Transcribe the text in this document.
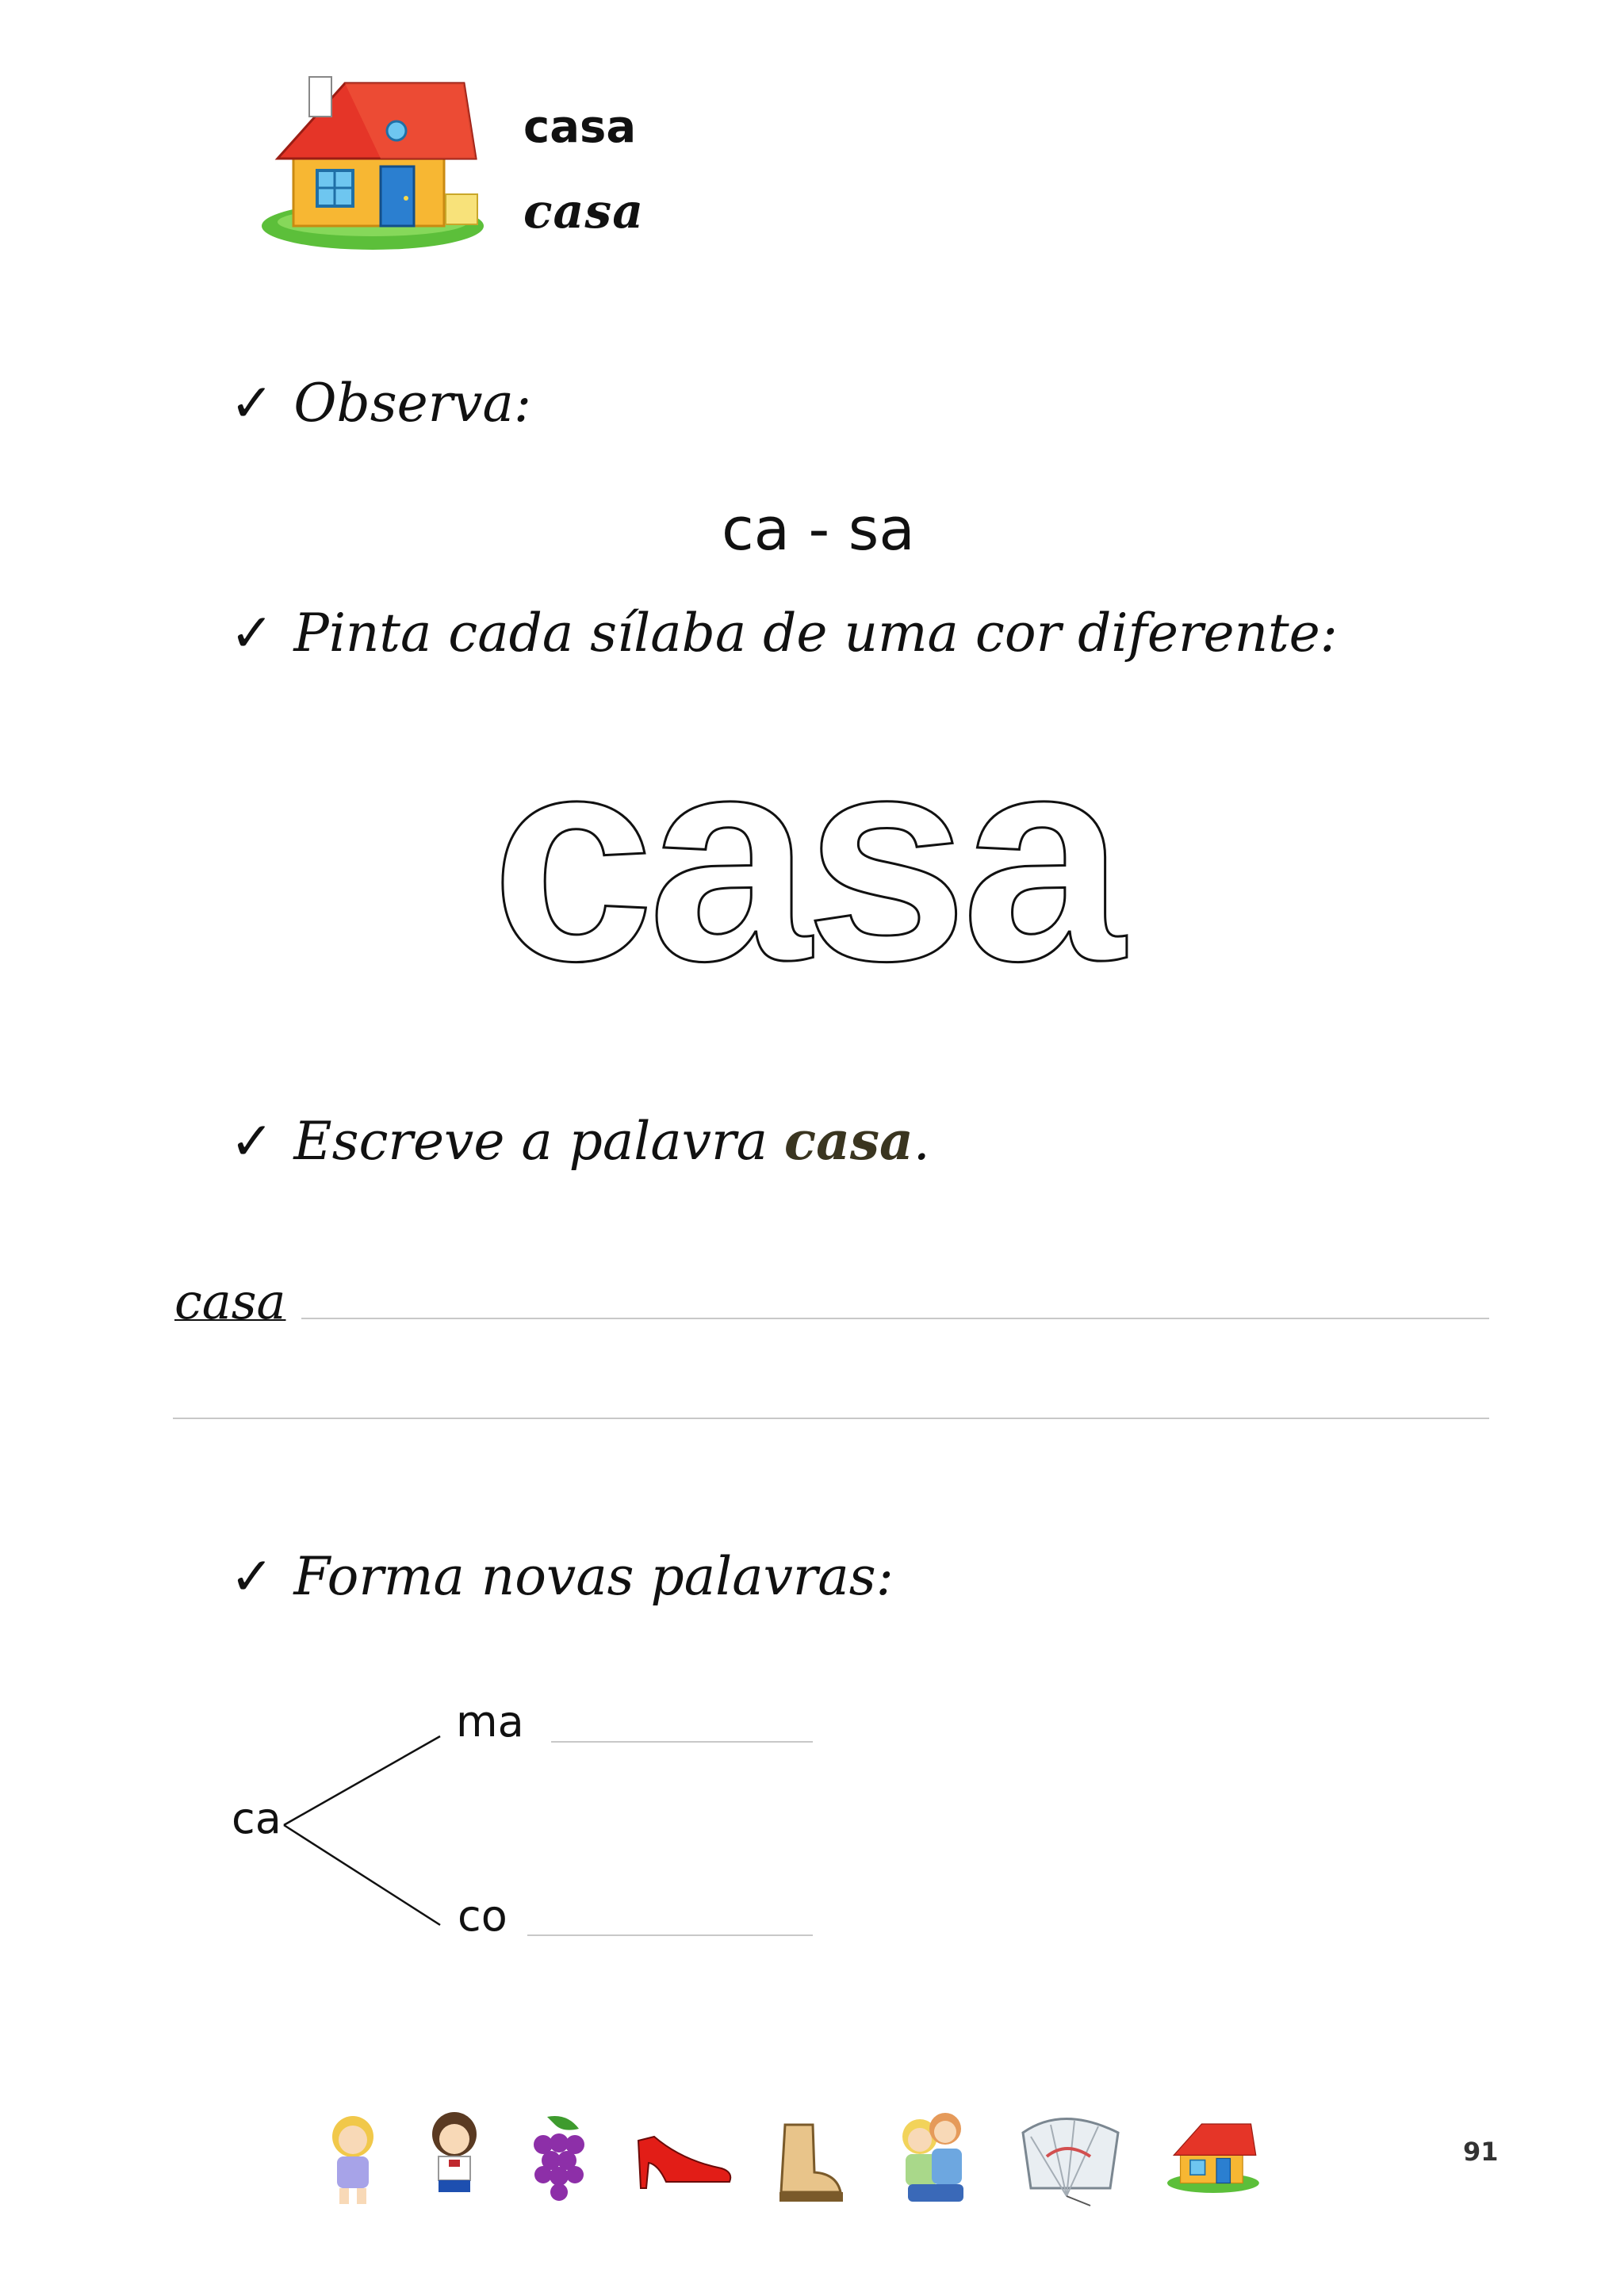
casa
casa
✓ Observa:
ca - sa
✓ Pinta cada sílaba de uma cor diferente:
casa
✓ Escreve a palavra casa.
casa
✓ Forma novas palavras:
ca
ma
co
91
